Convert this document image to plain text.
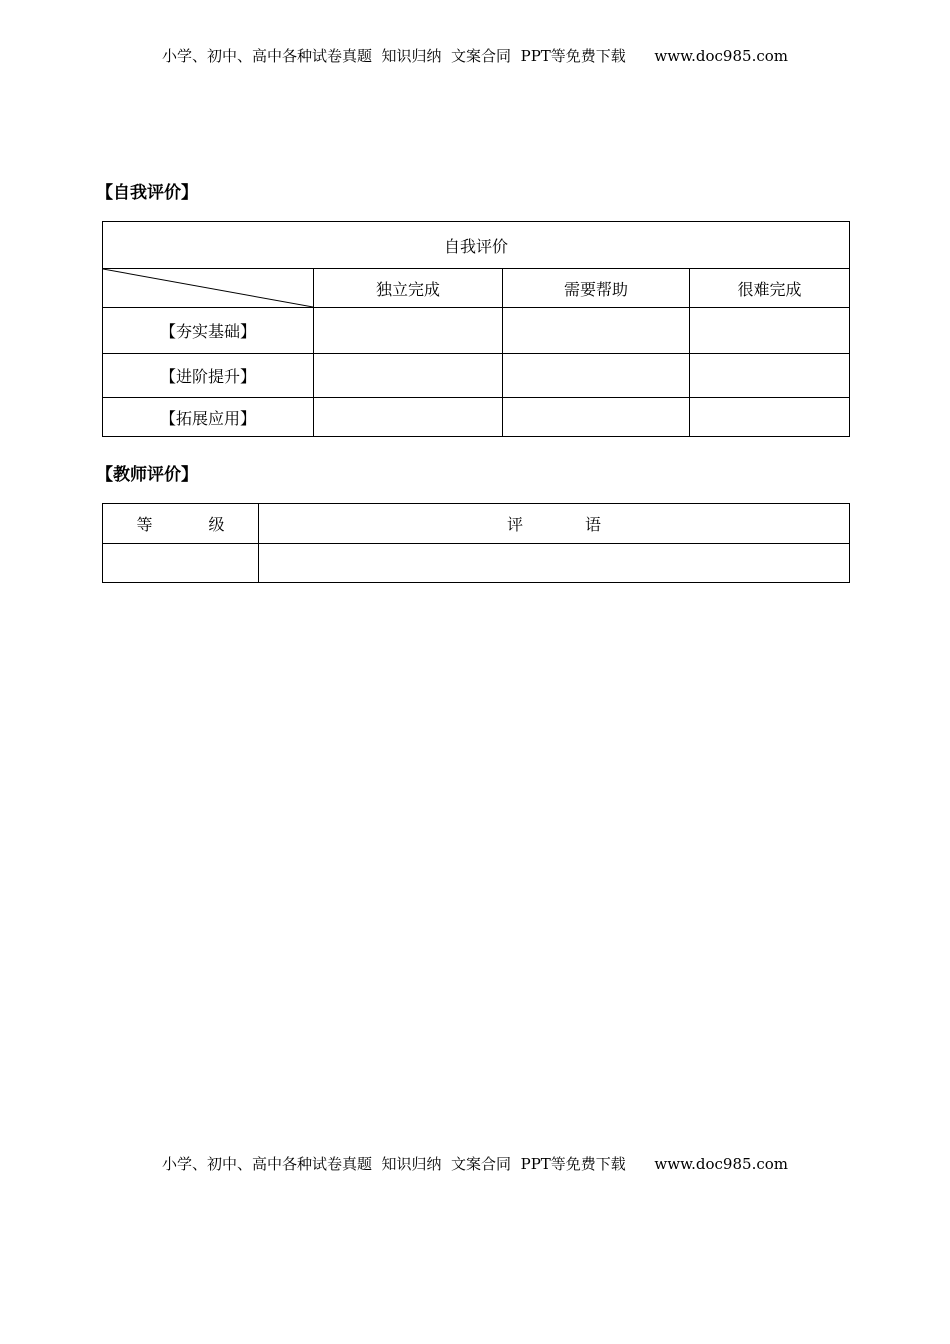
小学、初中、高中各种试卷真题  知识归纳  文案合同  PPT等免费下载      www.doc985.com
【自我评价】
自我评价			

	独立完成	需要帮助	很难完成
【夯实基础】			
【进阶提升】			
【拓展应用】			
【教师评价】
等 级	评 语

小学、初中、高中各种试卷真题  知识归纳  文案合同  PPT等免费下载      www.doc985.com
